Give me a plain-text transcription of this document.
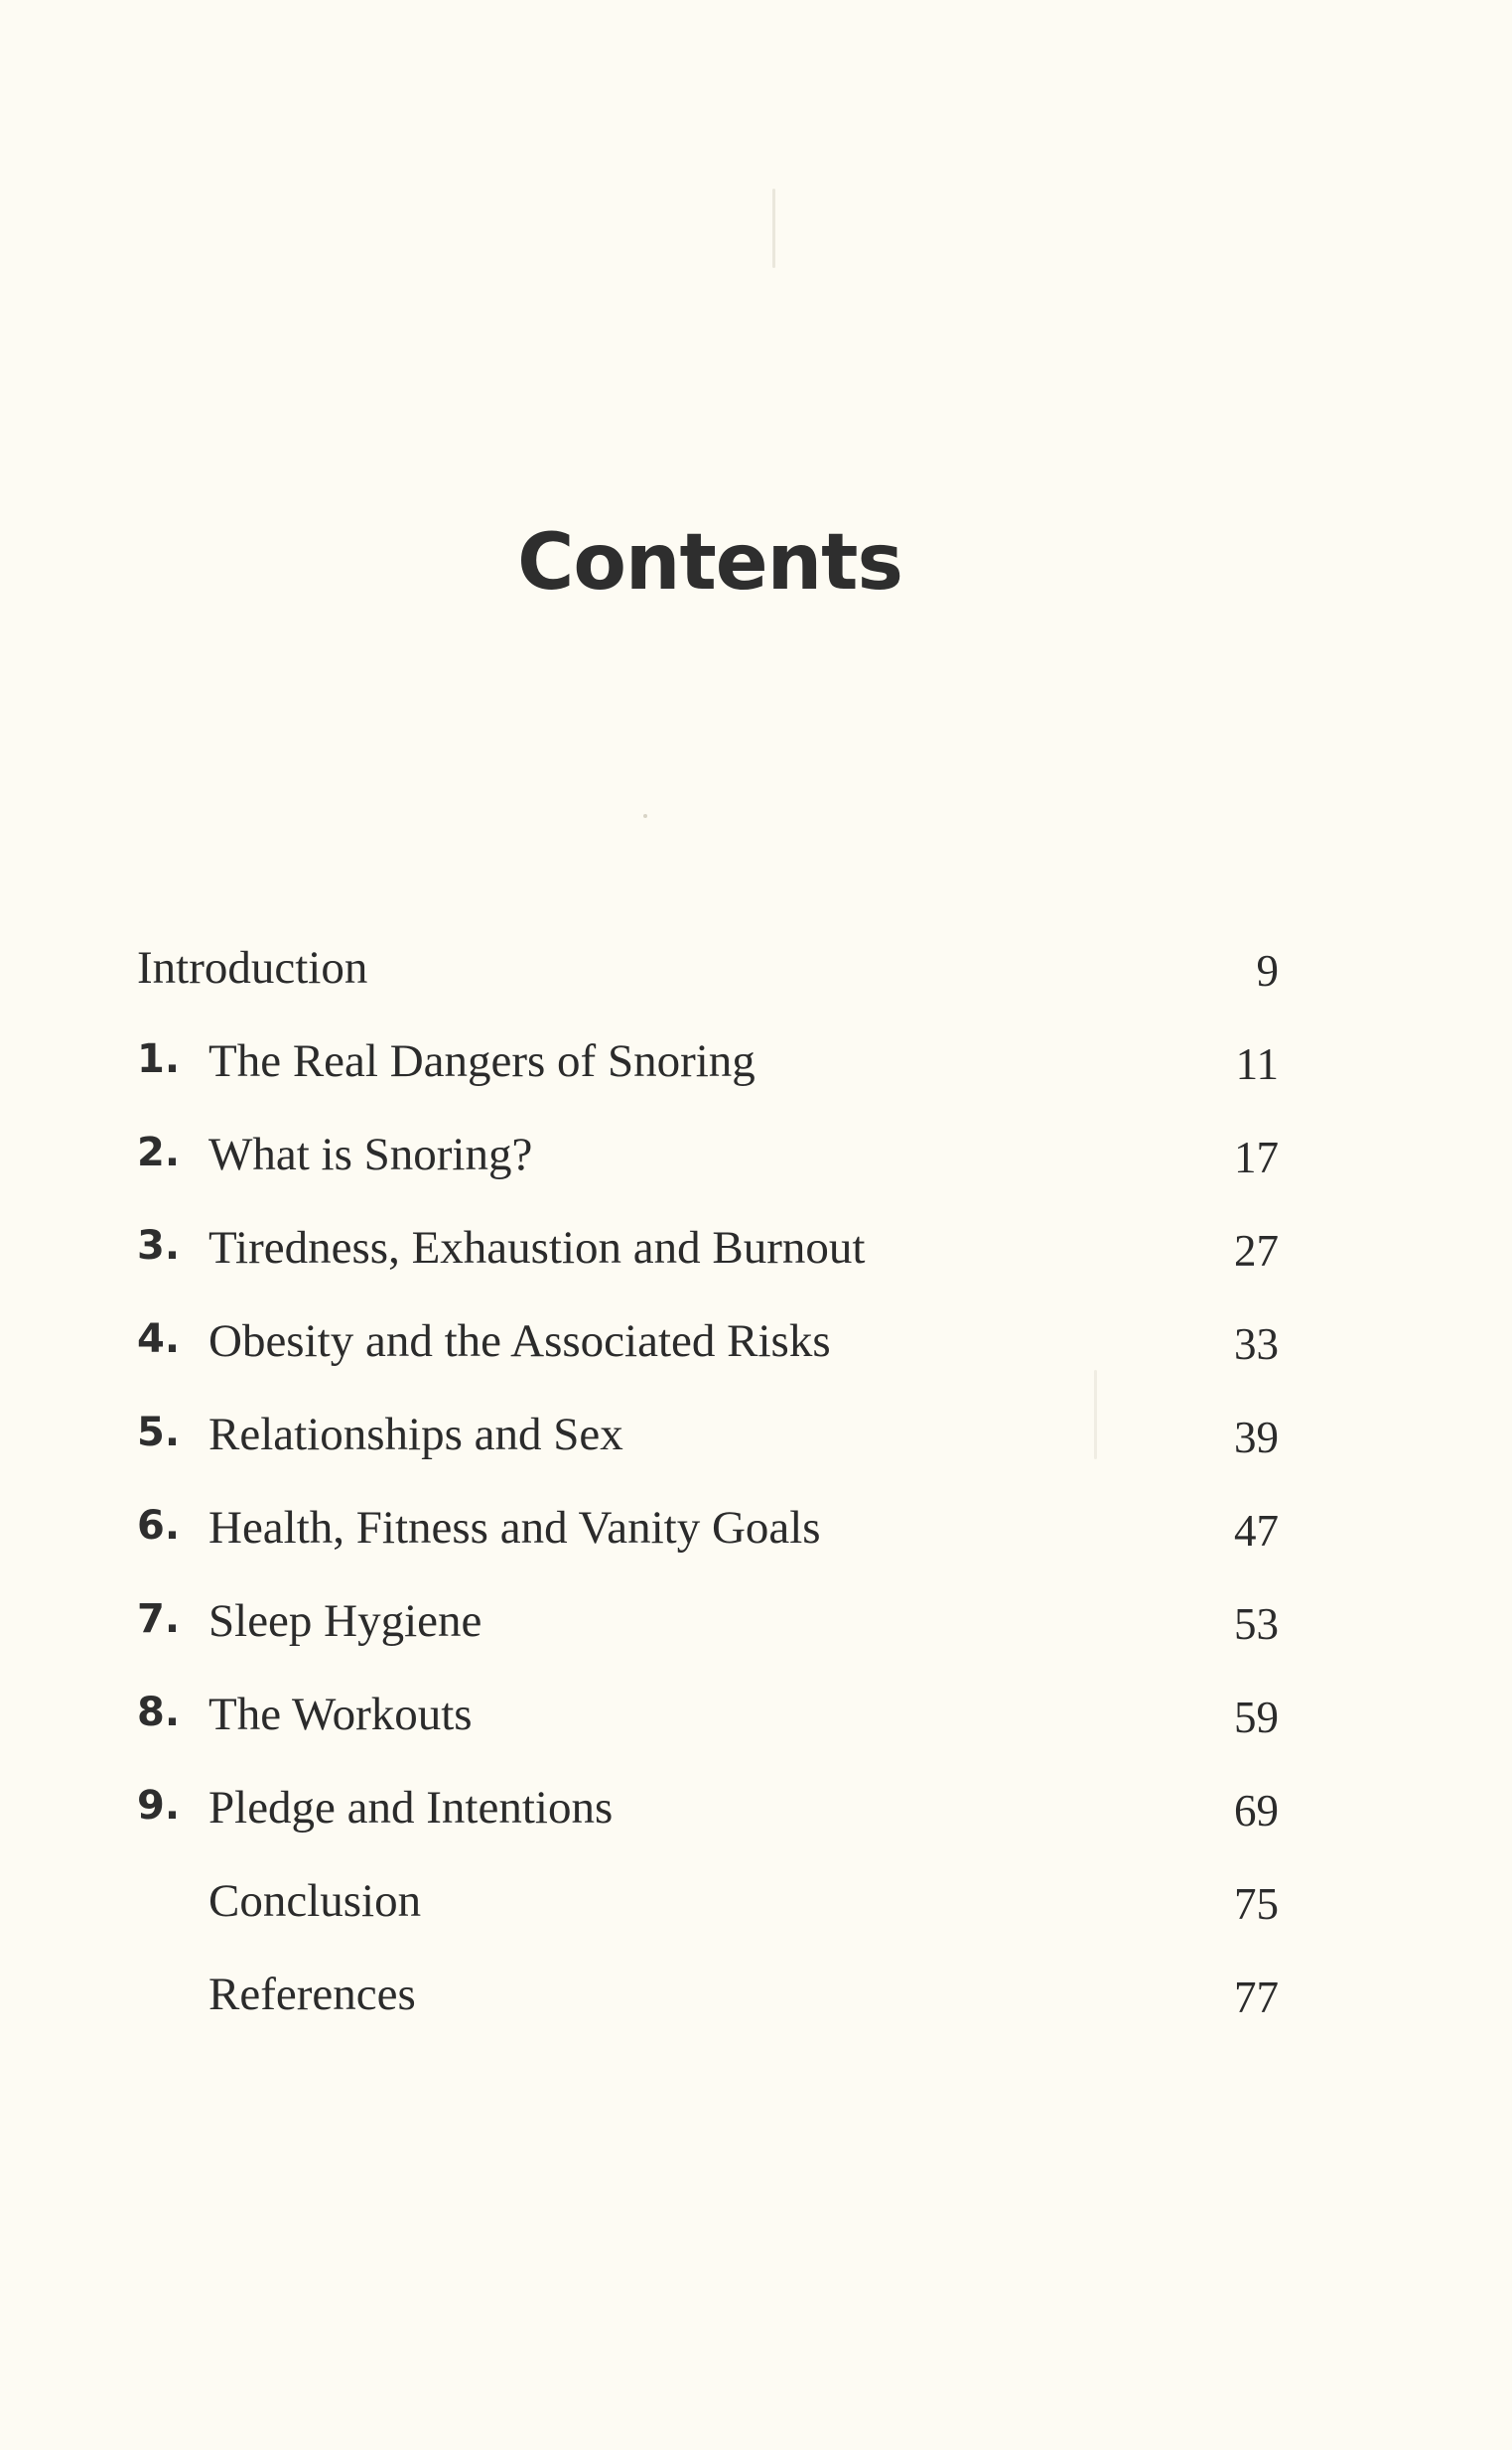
Contents
Introduction	9
1. The Real Dangers of Snoring	11
2. What is Snoring?	17
3. Tiredness, Exhaustion and Burnout	27
4. Obesity and the Associated Risks	33
5. Relationships and Sex	39
6. Health, Fitness and Vanity Goals	47
7. Sleep Hygiene	53
8. The Workouts	59
9. Pledge and Intentions	69
Conclusion	75
References	77
